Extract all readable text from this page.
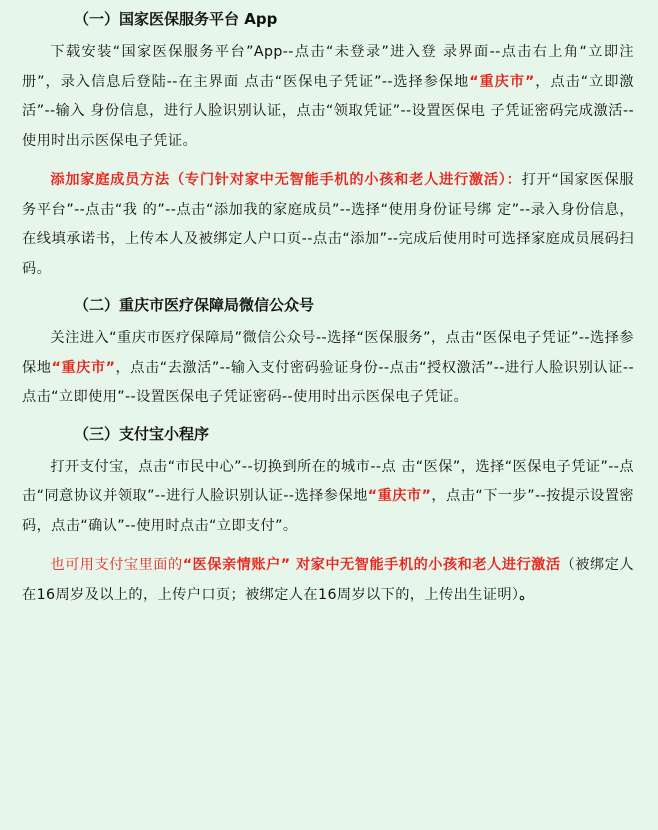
（一）国家医保服务平台 App

下载安装“国家医保服务平台”App--点击“未登录”进入登 录界面--点击右上角“立即注册”，录入信息后登陆--在主界面 点击“医保电子凭证”--选择参保地“重庆市”，点击“立即激活”--输入 身份信息，进行人脸识别认证，点击“领取凭证”--设置医保电 子凭证密码完成激活--使用时出示医保电子凭证。

添加家庭成员方法（专门针对家中无智能手机的小孩和老人进行激活）：打开“国家医保服务平台”--点击“我 的”--点击“添加我的家庭成员”--选择“使用身份证号绑 定”--录入身份信息，在线填承诺书，上传本人及被绑定人户口页--点击“添加”--完成后使用时可选择家庭成员展码扫码。

（二）重庆市医疗保障局微信公众号

关注进入“重庆市医疗保障局”微信公众号--选择“医保服务”，点击“医保电子凭证”--选择参保地“重庆市”，点击“去激活”--输入支付密码验证身份--点击“授权激活”--进行人脸识别认证--点击“立即使用”--设置医保电子凭证密码--使用时出示医保电子凭证。

（三）支付宝小程序

打开支付宝，点击“市民中心”--切换到所在的城市--点 击“医保”，选择“医保电子凭证”--点击“同意协议并领取”--进行人脸识别认证--选择参保地“重庆市”，点击“下一步”--按提示设置密 码，点击“确认”--使用时点击“立即支付”。

也可用支付宝里面的“医保亲情账户” 对家中无智能手机的小孩和老人进行激活（被绑定人在16周岁及以上的，上传户口页；被绑定人在16周岁以下的，上传出生证明）。
